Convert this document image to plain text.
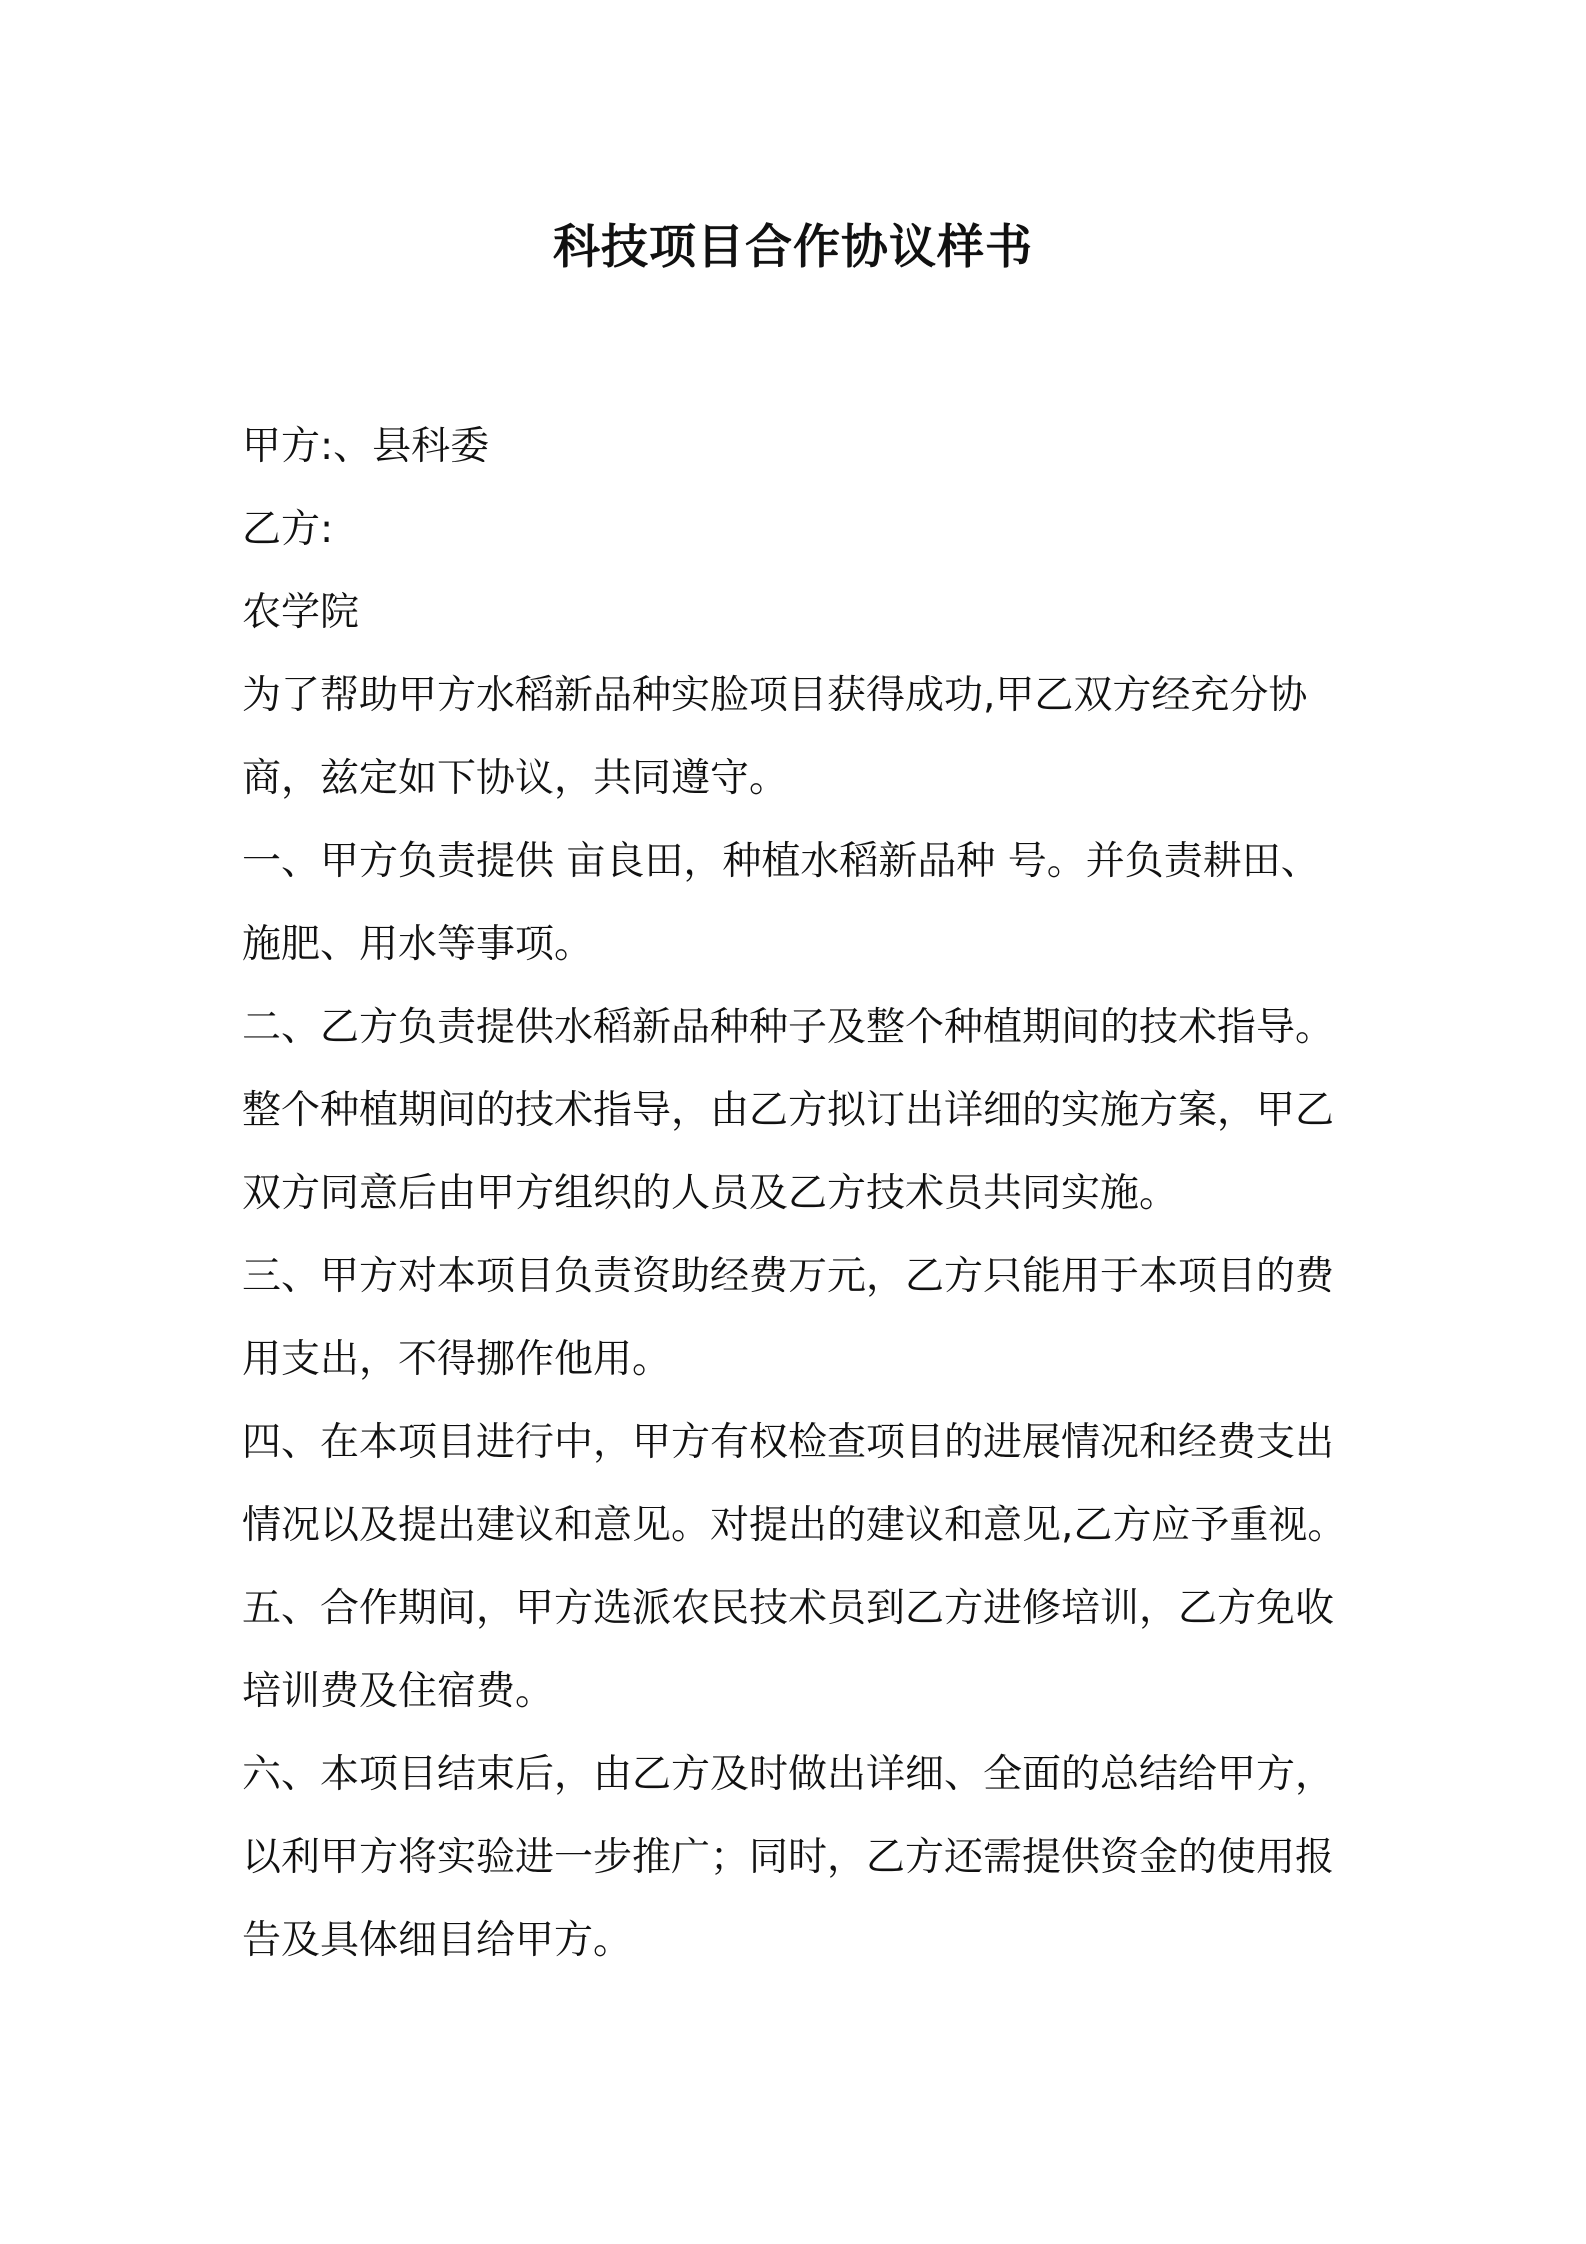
科技项目合作协议样书
甲方:、县科委
乙方:
农学院
为了帮助甲方水稻新品种实脸项目获得成功,甲乙双方经充分协
商，兹定如下协议，共同遵守。
一、甲方负责提供 亩良田，种植水稻新品种 号。并负责耕田、
施肥、用水等事项。
二、乙方负责提供水稻新品种种子及整个种植期间的技术指导。
整个种植期间的技术指导，由乙方拟订出详细的实施方案，甲乙
双方同意后由甲方组织的人员及乙方技术员共同实施。
三、甲方对本项目负责资助经费万元，乙方只能用于本项目的费
用支出，不得挪作他用。
四、在本项目进行中，甲方有权检查项目的进展情况和经费支出
情况以及提出建议和意见。对提出的建议和意见,乙方应予重视。
五、合作期间，甲方选派农民技术员到乙方进修培训，乙方免收
培训费及住宿费。
六、本项目结束后，由乙方及时做出详细、全面的总结给甲方，
以利甲方将实验进一步推广；同时，乙方还需提供资金的使用报
告及具体细目给甲方。
